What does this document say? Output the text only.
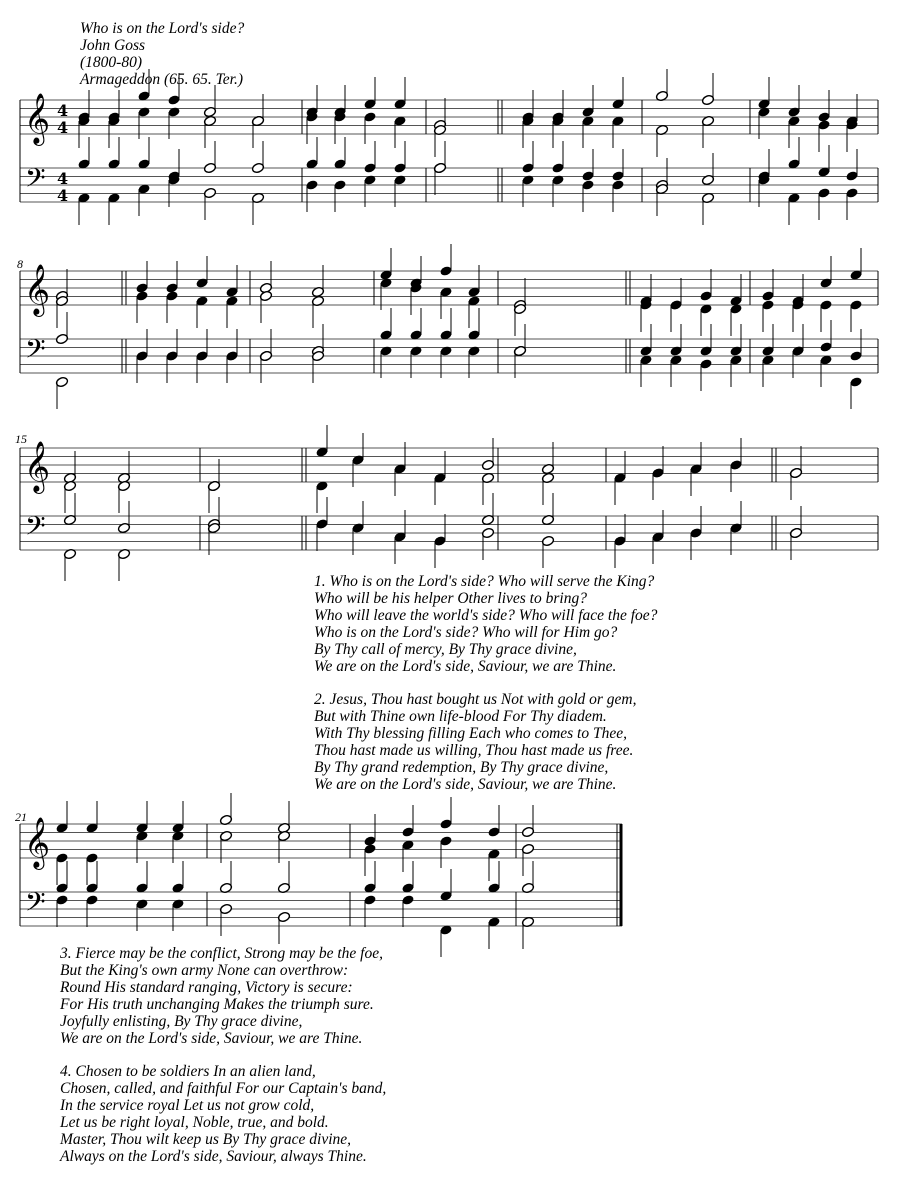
Who is on the Lord's side?
John Goss
(1800-80)
Armageddon (65. 65. Ter.)
8
15
21
𝄞
𝄢
4
4
4
4
𝄞
𝄢
𝄞
𝄢
𝄞
𝄢
1. Who is on the Lord's side? Who will serve the King?
Who will be his helper Other lives to bring?
Who will leave the world's side? Who will face the foe?
Who is on the Lord's side? Who will for Him go?
By Thy call of mercy, By Thy grace divine,
We are on the Lord's side, Saviour, we are Thine.

2. Jesus, Thou hast bought us Not with gold or gem,
But with Thine own life-blood For Thy diadem.
With Thy blessing filling Each who comes to Thee,
Thou hast made us willing, Thou hast made us free.
By Thy grand redemption, By Thy grace divine,
We are on the Lord's side, Saviour, we are Thine.
3. Fierce may be the conflict, Strong may be the foe,
But the King's own army None can overthrow:
Round His standard ranging, Victory is secure:
For His truth unchanging Makes the triumph sure.
Joyfully enlisting, By Thy grace divine,
We are on the Lord's side, Saviour, we are Thine.

4. Chosen to be soldiers In an alien land,
Chosen, called, and faithful For our Captain's band,
In the service royal Let us not grow cold,
Let us be right loyal, Noble, true, and bold.
Master, Thou wilt keep us By Thy grace divine,
Always on the Lord's side, Saviour, always Thine.
